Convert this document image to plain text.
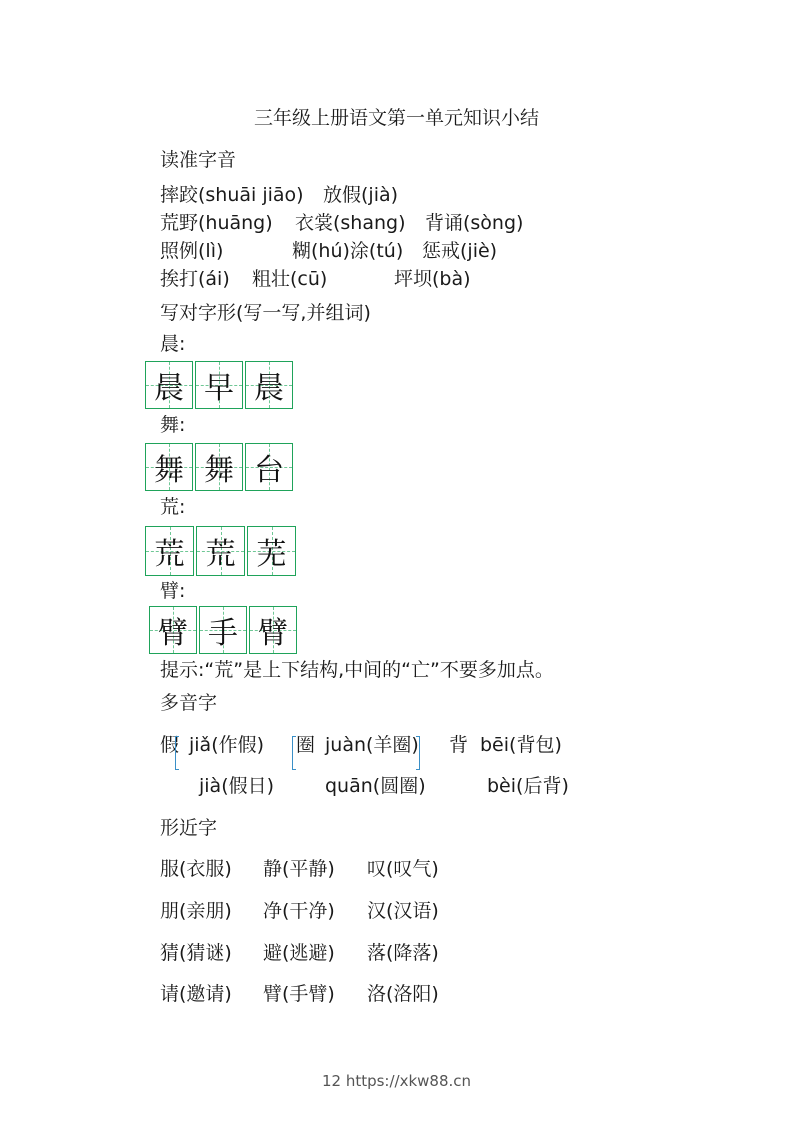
三年级上册语文第一单元知识小结
读准字音
摔跤(shuāi jiāo) 放假(jià)
荒野(huāng) 衣裳(shang) 背诵(sòng)
照例(lì)	糊(hú)涂(tú) 惩戒(jiè)
挨打(ái) 粗壮(cū)	坪坝(bà)
写对字形(写一写,并组词)
晨:
晨 早 晨
舞:
舞 舞 台
荒:
荒 荒 芜
臂:
臂 手 臂
提示:“荒”是上下结构,中间的“亡”不要多加点。
多音字
假 jiǎ(作假)
jià(假日)
圈 juàn(羊圈)
quān(圆圈)
背 bēi(背包)
bèi(后背)
形近字
服(衣服) 静(平静) 叹(叹气)
朋(亲朋) 净(干净) 汉(汉语)
猜(猜谜) 避(逃避) 落(降落)
请(邀请) 臂(手臂) 洛(洛阳)
12 https://xkw88.cn
